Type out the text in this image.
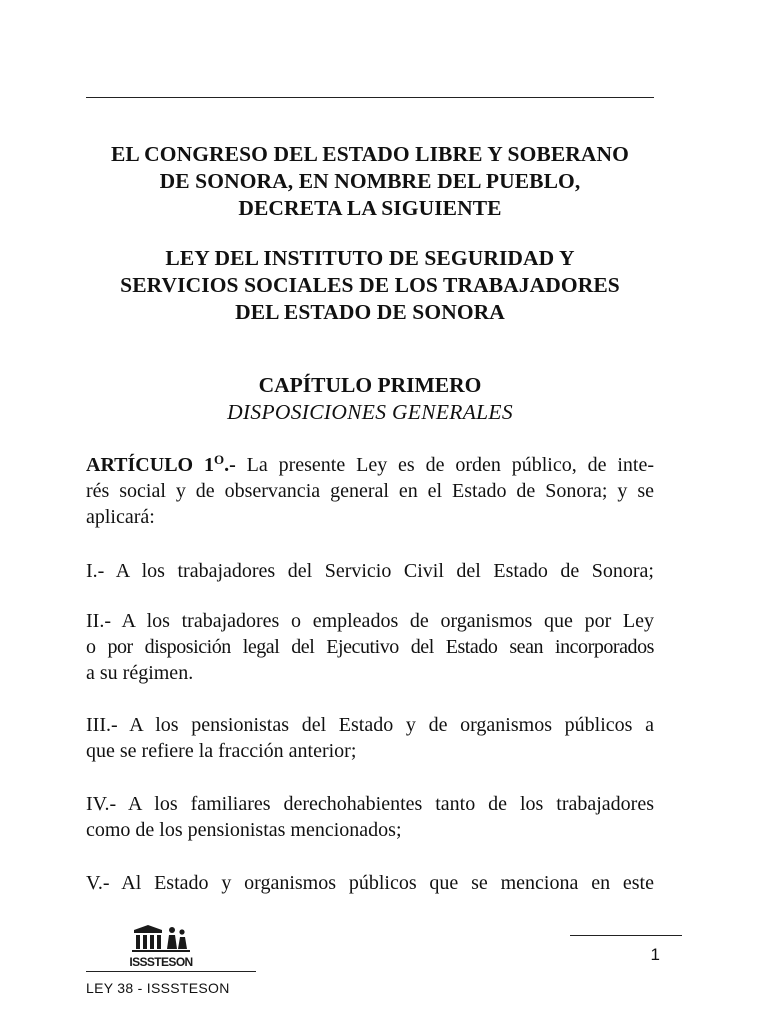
EL CONGRESO DEL ESTADO LIBRE Y SOBERANO
DE SONORA, EN NOMBRE DEL PUEBLO,
DECRETA LA SIGUIENTE
LEY DEL INSTITUTO DE SEGURIDAD Y
SERVICIOS SOCIALES DE LOS TRABAJADORES
DEL ESTADO DE SONORA
CAPÍTULO PRIMERO
DISPOSICIONES GENERALES
ARTÍCULO $1^O.-$ La presente Ley es de orden público, de inte-
rés social y de observancia general en el Estado de Sonora; y se
aplicará:
I.- A los trabajadores del Servicio Civil del Estado de Sonora;
II.- A los trabajadores o empleados de organismos que por Ley
o por disposición legal del Ejecutivo del Estado sean incorporados
a su régimen.
III.- A los pensionistas del Estado y de organismos públicos a
que se refiere la fracción anterior;
IV.- A los familiares derechohabientes tanto de los trabajadores
como de los pensionistas mencionados;
V.- Al Estado y organismos públicos que se menciona en este
ISSSTESON	1
LEY 38 - ISSSTESON
